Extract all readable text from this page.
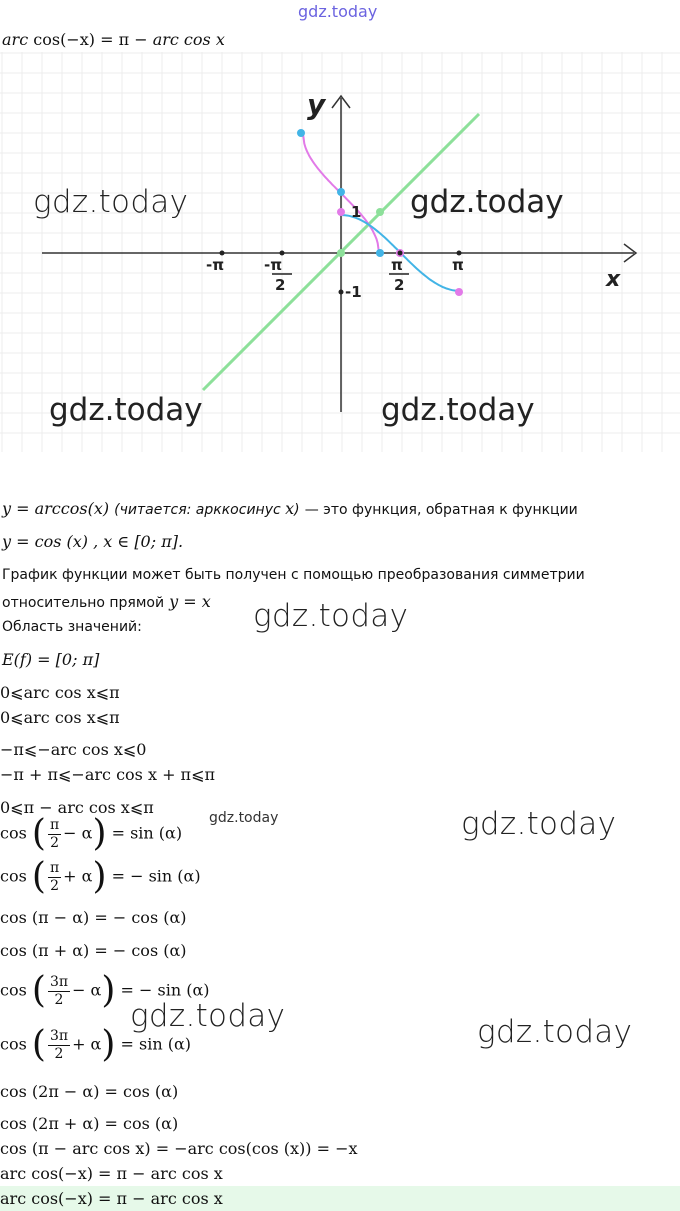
gdz.today
arc cos(−x) = π − arc cos x
y
x
-π	-π
2
π
2
π
1
-1
gdz.today	gdz.today
gdz.today	gdz.today
y = arccos(x) (читается: арккосинус x) — это функция, обратная к функции
y = cos (x) , x ∈ [0; π].
График функции может быть получен с помощью преобразования симметрии
относительно прямой y = x
Область значений:
E(f) = [0; π]
gdz.today
0⩽arc cos x⩽π
0⩽arc cos x⩽π
−π⩽−arc cos x⩽0
−π + π⩽−arc cos x + π⩽π
0⩽π − arc cos x⩽π
gdz.today	gdz.today
cos ( $\frac{\pi}{2} - \alpha) = \sin (\alpha)$
cos ( $\frac{\pi}{2} + \alpha$) = − sin (α)
cos (π − α) = − cos (α)
cos (π + α) = − cos (α)
cos ( $\frac{3\pi}{2} - \alpha$) = − sin (α)
cos ( $\frac{3\pi}{2} + \alpha) = \sin (\alpha)$
gdz.today	gdz.today
cos (2π − α) = cos (α)
cos (2π + α) = cos (α)
cos (π − arc cos x) = −arc cos(cos (x)) = −x
arc cos(−x) = π − arc cos x
arc cos(−x) = π − arc cos x
